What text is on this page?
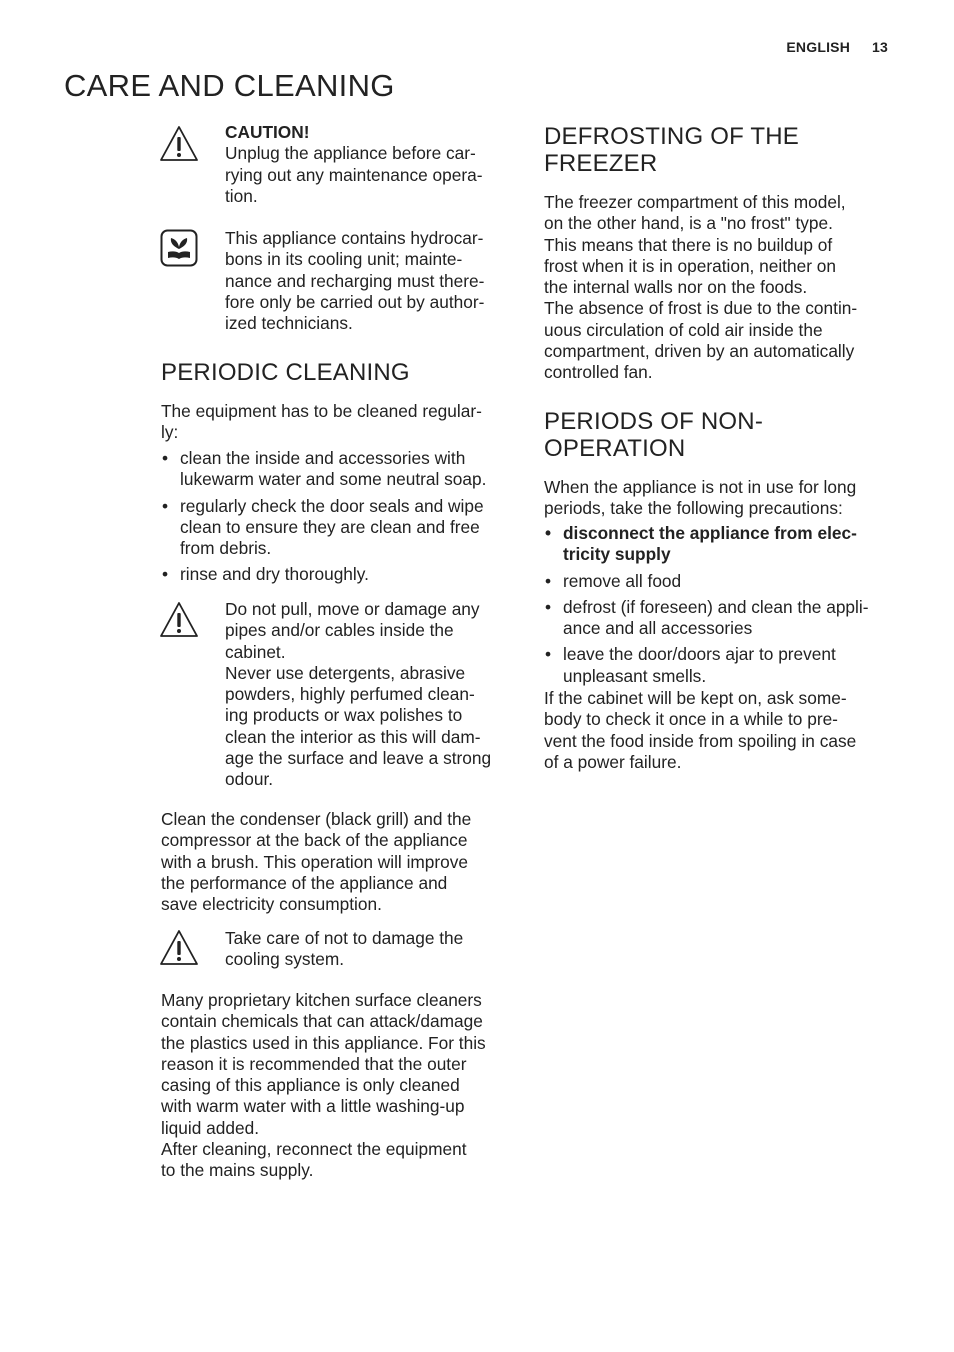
ENGLISH 13
CARE AND CLEANING

CAUTION!

Unplug the appliance before car-
rying out any maintenance opera-
tion.

This appliance contains hydrocar-
bons in its cooling unit; mainte-
nance and recharging must there-
fore only be carried out by author-
ized technicians.

PERIODIC CLEANING

The equipment has to be cleaned regular-
ly:

• clean the inside and accessories with
lukewarm water and some neutral soap.
• regularly check the door seals and wipe
clean to ensure they are clean and free
from debris.
• rinse and dry thoroughly.

Do not pull, move or damage any
pipes and/or cables inside the
cabinet.
Never use detergents, abrasive
powders, highly perfumed clean-
ing products or wax polishes to
clean the interior as this will dam-
age the surface and leave a strong
odour.

Clean the condenser (black grill) and the
compressor at the back of the appliance
with a brush. This operation will improve
the performance of the appliance and
save electricity consumption.

Take care of not to damage the
cooling system.

Many proprietary kitchen surface cleaners
contain chemicals that can attack/damage
the plastics used in this appliance. For this
reason it is recommended that the outer
casing of this appliance is only cleaned
with warm water with a little washing-up
liquid added.
After cleaning, reconnect the equipment
to the mains supply.

DEFROSTING OF THE
FREEZER

The freezer compartment of this model,
on the other hand, is a "no frost" type.
This means that there is no buildup of
frost when it is in operation, neither on
the internal walls nor on the foods.
The absence of frost is due to the contin-
uous circulation of cold air inside the
compartment, driven by an automatically
controlled fan.

PERIODS OF NON-
OPERATION

When the appliance is not in use for long
periods, take the following precautions:

• disconnect the appliance from elec-
tricity supply
• remove all food
• defrost (if foreseen) and clean the appli-
ance and all accessories
• leave the door/doors ajar to prevent
unpleasant smells.

If the cabinet will be kept on, ask some-
body to check it once in a while to pre-
vent the food inside from spoiling in case
of a power failure.
